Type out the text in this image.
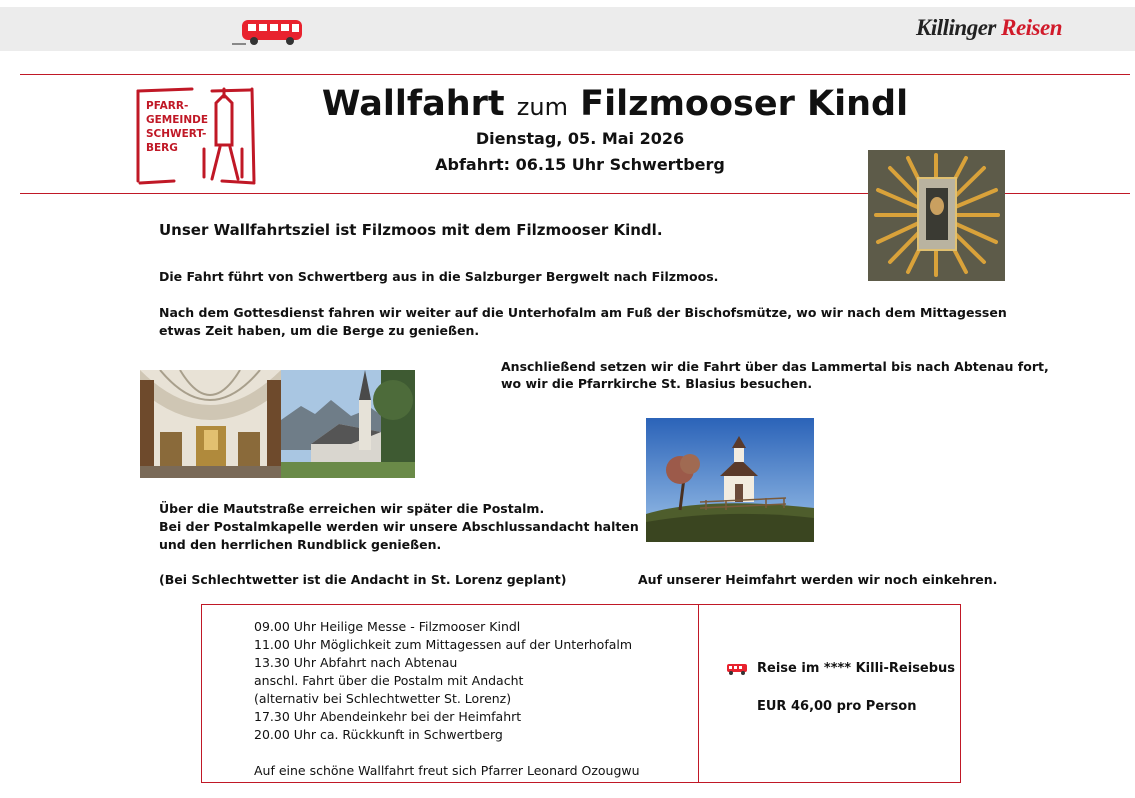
Killinger Reisen
PFARR-
GEMEINDE
SCHWERT-
BERG
Wallfahrt zum Filzmooser Kindl
Dienstag, 05. Mai 2026
Abfahrt: 06.15 Uhr Schwertberg
Unser Wallfahrtsziel ist Filzmoos mit dem Filzmooser Kindl.
Die Fahrt führt von Schwertberg aus in die Salzburger Bergwelt nach Filzmoos.
Nach dem Gottesdienst fahren wir weiter auf die Unterhofalm am Fuß der Bischofsmütze, wo wir nach dem Mittagessen
etwas Zeit haben, um die Berge zu genießen.
Anschließend setzen wir die Fahrt über das Lammertal bis nach Abtenau fort,
wo wir die Pfarrkirche St. Blasius besuchen.
Über die Mautstraße erreichen wir später die Postalm.
Bei der Postalmkapelle werden wir unsere Abschlussandacht halten
und den herrlichen Rundblick genießen.
(Bei Schlechtwetter ist die Andacht in St. Lorenz geplant)	Auf unserer Heimfahrt werden wir noch einkehren.
09.00 Uhr Heilige Messe - Filzmooser Kindl
11.00 Uhr Möglichkeit zum Mittagessen auf der Unterhofalm
13.30 Uhr Abfahrt nach Abtenau
anschl. Fahrt über die Postalm mit Andacht
(alternativ bei Schlechtwetter St. Lorenz)
17.30 Uhr Abendeinkehr bei der Heimfahrt
20.00 Uhr ca. Rückkunft in Schwertberg
Auf eine schöne Wallfahrt freut sich Pfarrer Leonard Ozougwu
Reise im **** Killi-Reisebus
EUR 46,00 pro Person
